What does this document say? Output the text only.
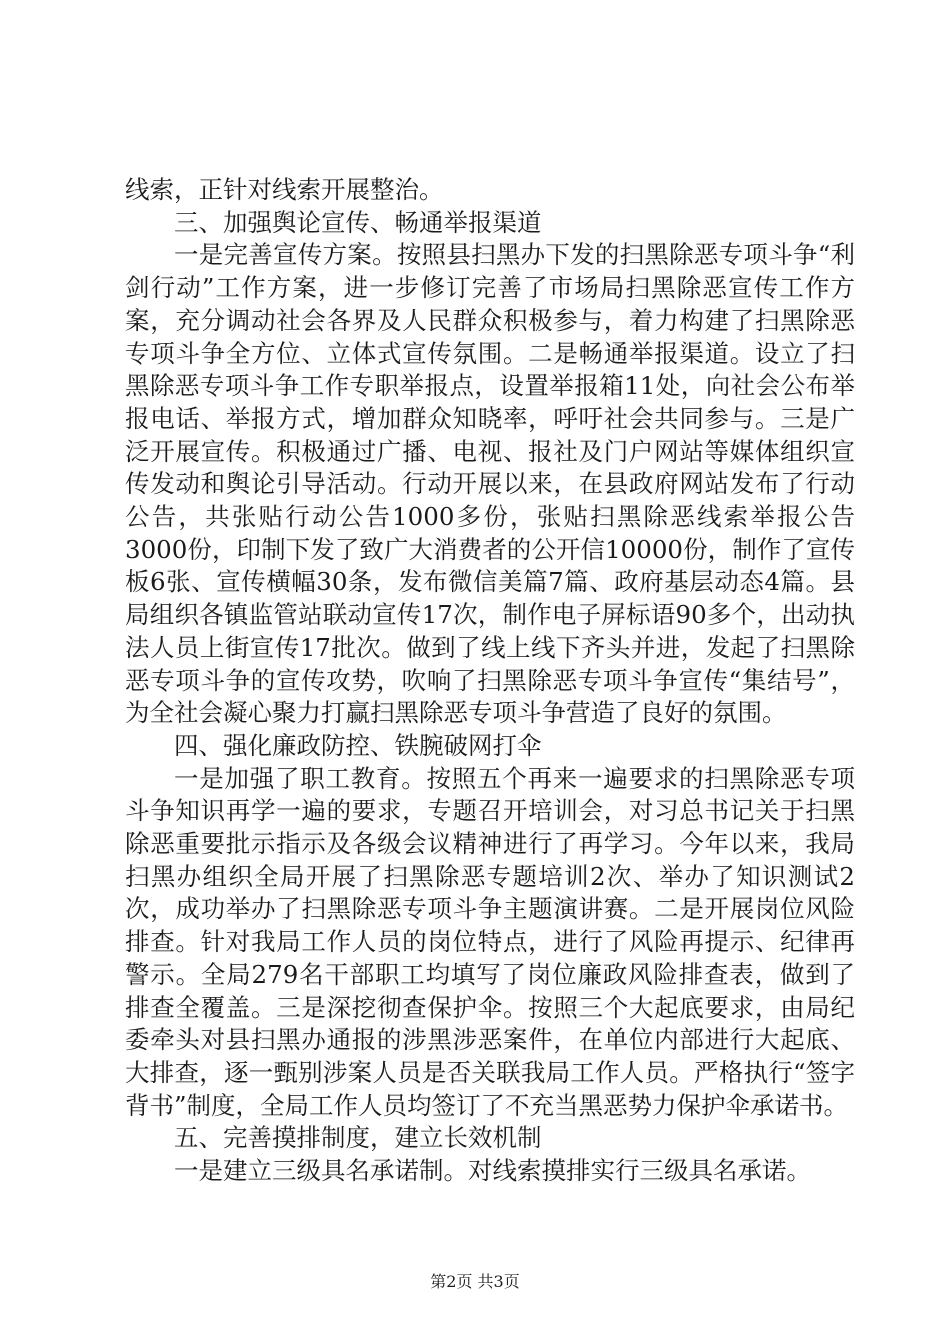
线索，正针对线索开展整治。

三、加强舆论宣传、畅通举报渠道

一是完善宣传方案。按照县扫黑办下发的扫黑除恶专项斗争“利剑行动”工作方案，进一步修订完善了市场局扫黑除恶宣传工作方案，充分调动社会各界及人民群众积极参与，着力构建了扫黑除恶专项斗争全方位、立体式宣传氛围。二是畅通举报渠道。设立了扫黑除恶专项斗争工作专职举报点，设置举报箱11处，向社会公布举报电话、举报方式，增加群众知晓率，呼吁社会共同参与。三是广泛开展宣传。积极通过广播、电视、报社及门户网站等媒体组织宣传发动和舆论引导活动。行动开展以来，在县政府网站发布了行动公告，共张贴行动公告1000多份，张贴扫黑除恶线索举报公告3000份，印制下发了致广大消费者的公开信10000份，制作了宣传板6张、宣传横幅30条，发布微信美篇7篇、政府基层动态4篇。县局组织各镇监管站联动宣传17次，制作电子屏标语90多个，出动执法人员上街宣传17批次。做到了线上线下齐头并进，发起了扫黑除恶专项斗争的宣传攻势，吹响了扫黑除恶专项斗争宣传“集结号”，为全社会凝心聚力打赢扫黑除恶专项斗争营造了良好的氛围。

四、强化廉政防控、铁腕破网打伞

一是加强了职工教育。按照五个再来一遍要求的扫黑除恶专项斗争知识再学一遍的要求，专题召开培训会，对习总书记关于扫黑除恶重要批示指示及各级会议精神进行了再学习。今年以来，我局扫黑办组织全局开展了扫黑除恶专题培训2次、举办了知识测试2次，成功举办了扫黑除恶专项斗争主题演讲赛。二是开展岗位风险排查。针对我局工作人员的岗位特点，进行了风险再提示、纪律再警示。全局279名干部职工均填写了岗位廉政风险排查表，做到了排查全覆盖。三是深挖彻查保护伞。按照三个大起底要求，由局纪委牵头对县扫黑办通报的涉黑涉恶案件，在单位内部进行大起底、大排查，逐一甄别涉案人员是否关联我局工作人员。严格执行“签字背书”制度，全局工作人员均签订了不充当黑恶势力保护伞承诺书。

五、完善摸排制度，建立长效机制

一是建立三级具名承诺制。对线索摸排实行三级具名承诺。

第2页 共3页
